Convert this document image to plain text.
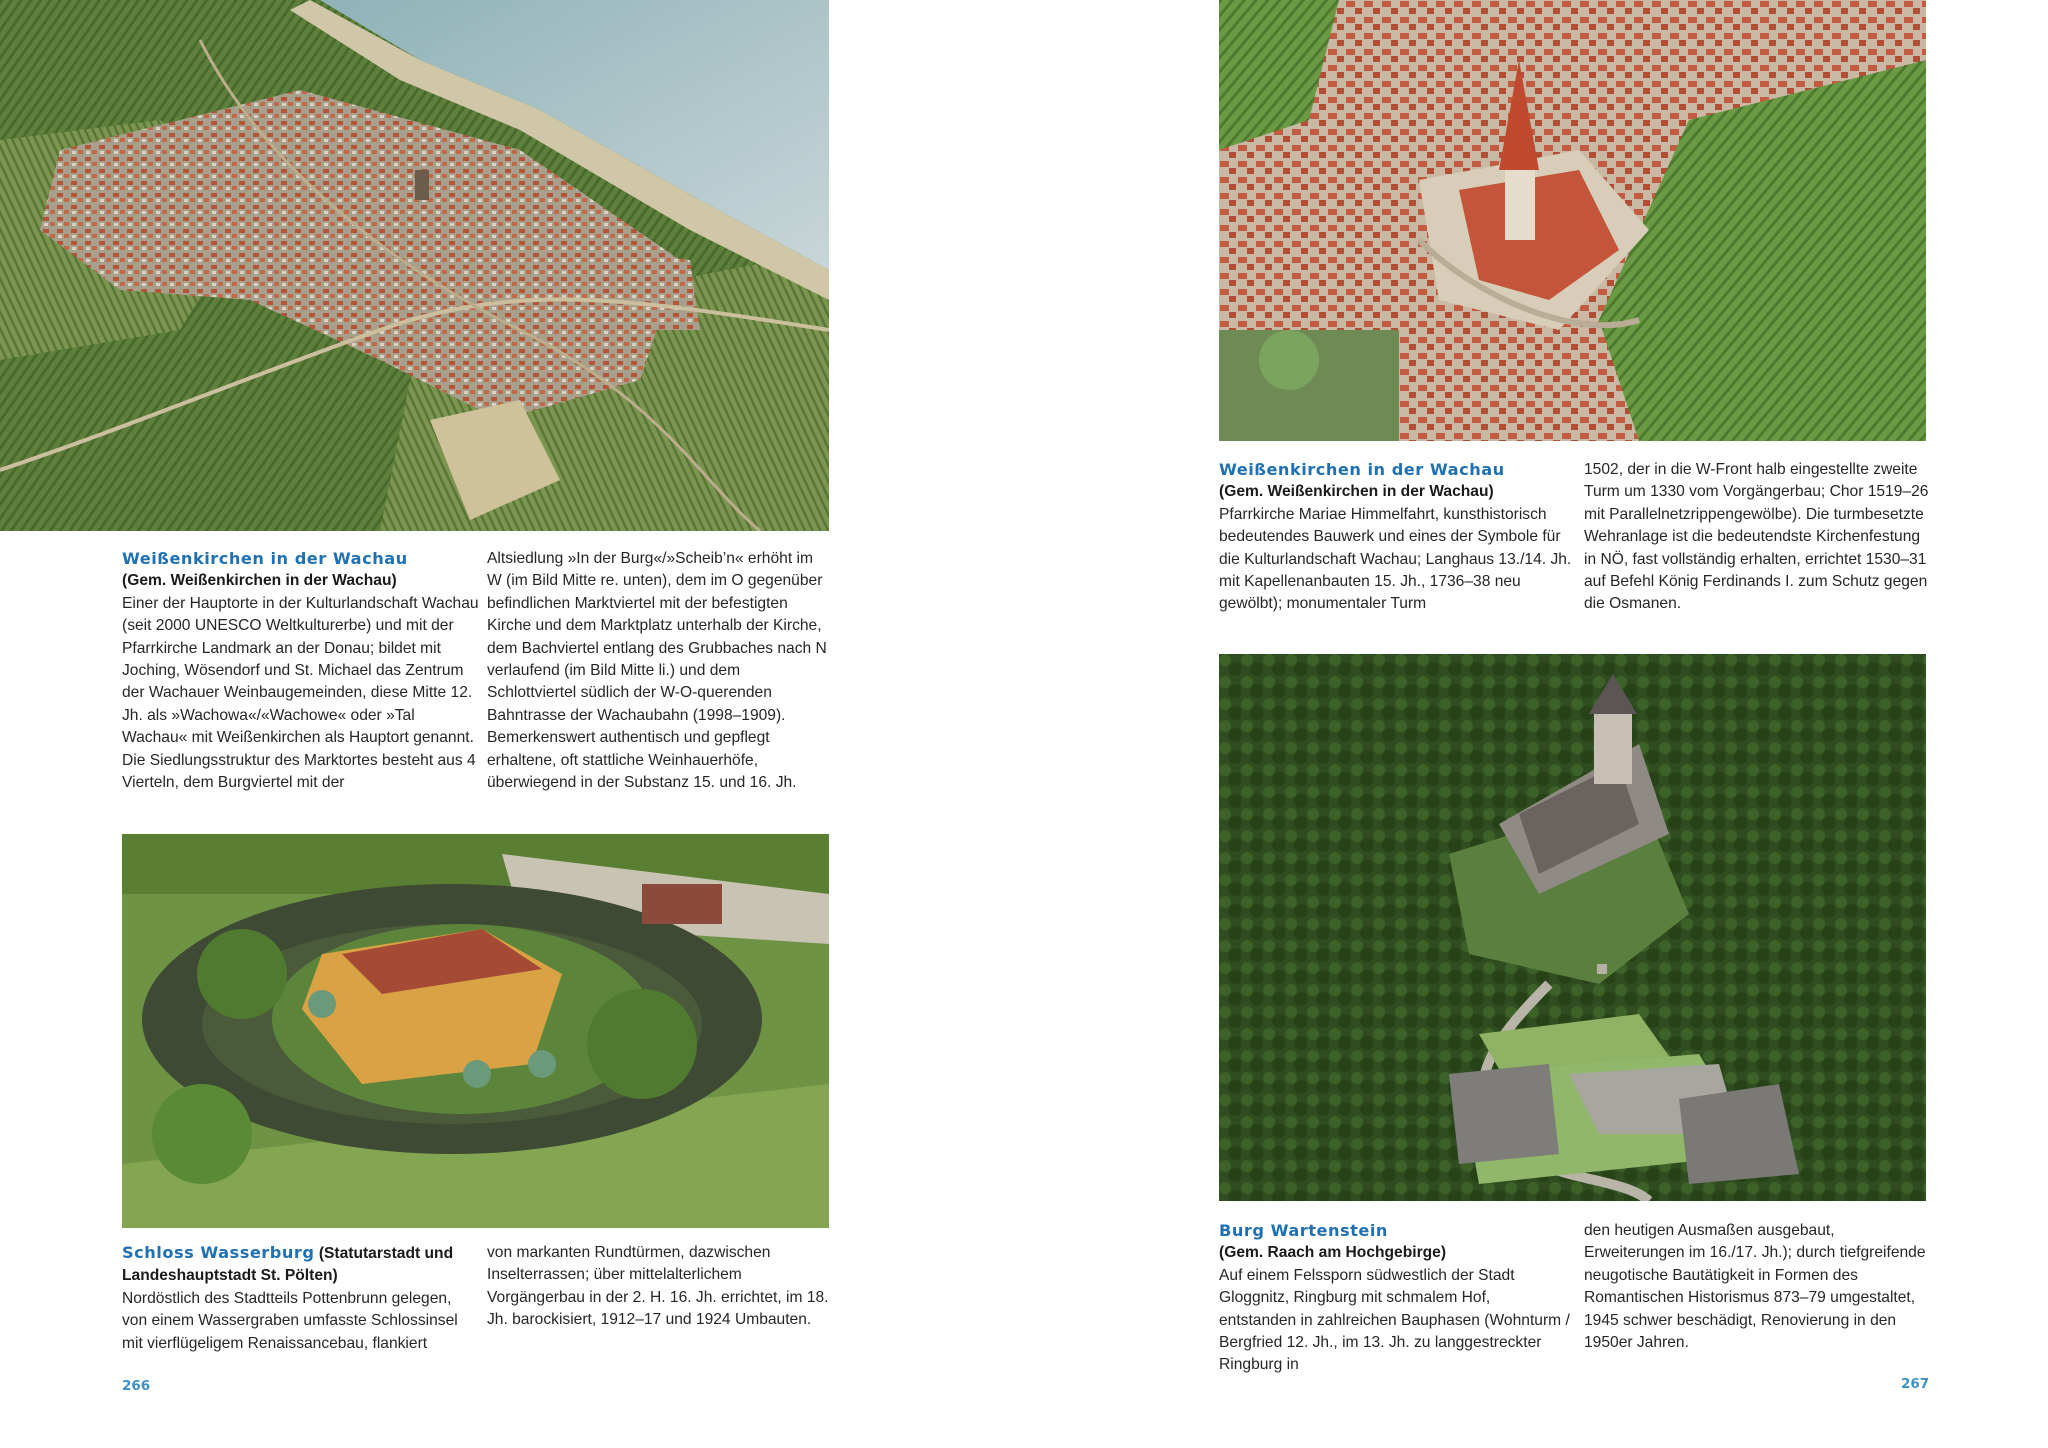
Weißenkirchen in der Wachau

(Gem. Weißenkirchen in der Wachau)

Einer der Hauptorte in der Kulturlandschaft Wachau (seit 2000 UNESCO Weltkulturerbe) und mit der Pfarrkirche Landmark an der Donau; bildet mit Joching, Wösendorf und St. Michael das Zentrum der Wachauer Weinbaugemeinden, diese Mitte 12. Jh. als »Wachowa«/«Wachowe« oder »Tal Wachau« mit Weißenkirchen als Hauptort genannt. Die Siedlungsstruktur des Marktortes besteht aus 4 Vierteln, dem Burgviertel mit der

Altsiedlung »In der Burg«/»Scheib’n« erhöht im W (im Bild Mitte re. unten), dem im O gegenüber befindlichen Marktviertel mit der befestigten Kirche und dem Marktplatz unterhalb der Kirche, dem Bachviertel entlang des Grubbaches nach N verlaufend (im Bild Mitte li.) und dem Schlottviertel südlich der W-O-querenden Bahntrasse der Wachaubahn (1998–1909). Bemerkenswert authentisch und gepflegt erhaltene, oft stattliche Weinhauerhöfe, überwiegend in der Substanz 15. und 16. Jh.

Schloss Wasserburg (Statutarstadt und

Landeshauptstadt St. Pölten)

Nordöstlich des Stadtteils Pottenbrunn gelegen, von einem Wassergraben umfasste Schlossinsel mit vierflügeligem Renaissancebau, flankiert

von markanten Rundtürmen, dazwischen Inselterrassen; über mittelalterlichem Vorgängerbau in der 2. H. 16. Jh. errichtet, im 18. Jh. barockisiert, 1912–17 und 1924 Umbauten.

266

Weißenkirchen in der Wachau

(Gem. Weißenkirchen in der Wachau)

Pfarrkirche Mariae Himmelfahrt, kunsthistorisch bedeutendes Bauwerk und eines der Symbole für die Kulturlandschaft Wachau; Langhaus 13./14. Jh. mit Kapellenanbauten 15. Jh., 1736–38 neu gewölbt); monumentaler Turm

1502, der in die W-Front halb eingestellte zweite Turm um 1330 vom Vorgängerbau; Chor 1519–26 mit Parallelnetzrippengewölbe). Die turmbesetzte Wehranlage ist die bedeutendste Kirchenfestung in NÖ, fast vollständig erhalten, errichtet 1530–31 auf Befehl König Ferdinands I. zum Schutz gegen die Osmanen.

Burg Wartenstein

(Gem. Raach am Hochgebirge)

Auf einem Felssporn südwestlich der Stadt Gloggnitz, Ringburg mit schmalem Hof, entstanden in zahlreichen Bauphasen (Wohnturm / Bergfried 12. Jh., im 13. Jh. zu langgestreckter Ringburg in

den heutigen Ausmaßen ausgebaut, Erweiterungen im 16./17. Jh.); durch tiefgreifende neugotische Bautätigkeit in Formen des Romantischen Historismus 873–79 umgestaltet, 1945 schwer beschädigt, Renovierung in den 1950er Jahren.

267
